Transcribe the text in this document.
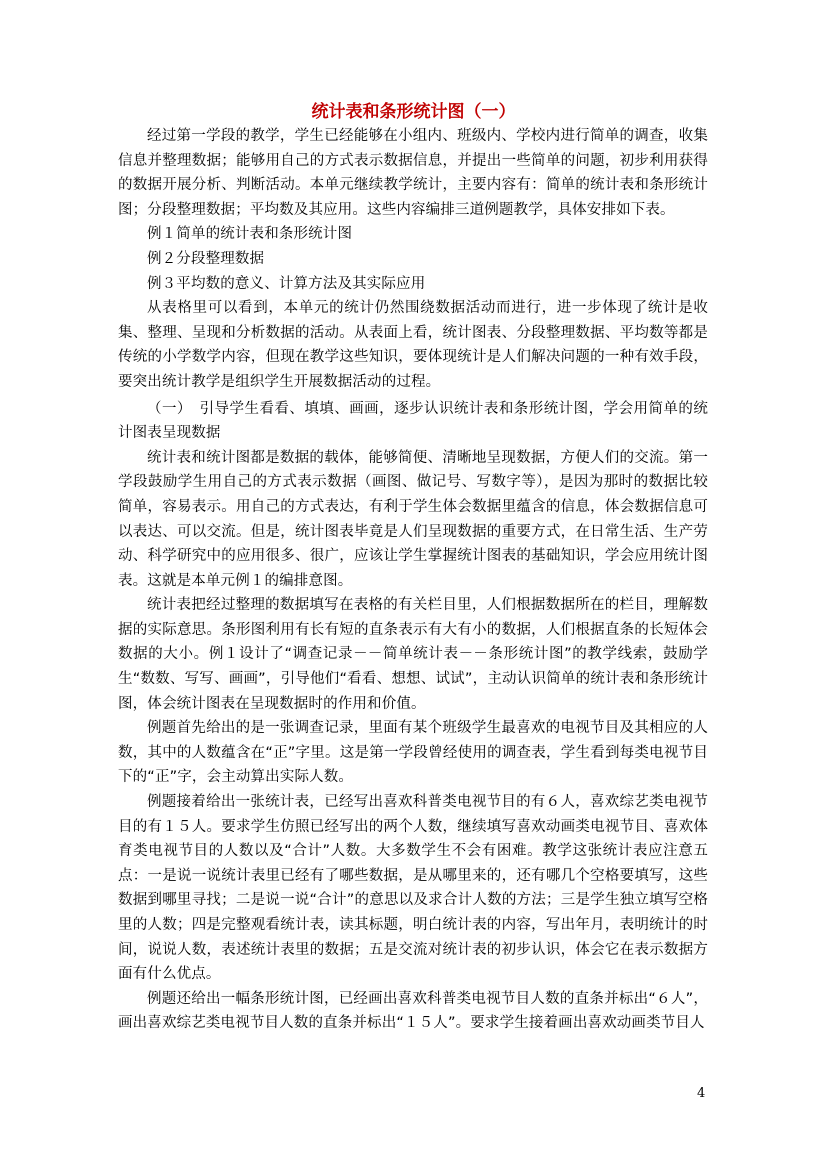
统计表和条形统计图（一）

经过第一学段的教学，学生已经能够在小组内、班级内、学校内进行简单的调查，收集信息并整理数据；能够用自己的方式表示数据信息，并提出一些简单的问题，初步利用获得的数据开展分析、判断活动。本单元继续教学统计，主要内容有：简单的统计表和条形统计图；分段整理数据；平均数及其应用。这些内容编排三道例题教学，具体安排如下表。

例１简单的统计表和条形统计图

例２分段整理数据

例３平均数的意义、计算方法及其实际应用

从表格里可以看到，本单元的统计仍然围绕数据活动而进行，进一步体现了统计是收集、整理、呈现和分析数据的活动。从表面上看，统计图表、分段整理数据、平均数等都是传统的小学数学内容，但现在教学这些知识，要体现统计是人们解决问题的一种有效手段，要突出统计教学是组织学生开展数据活动的过程。

（一）　引导学生看看、填填、画画，逐步认识统计表和条形统计图，学会用简单的统计图表呈现数据

统计表和统计图都是数据的载体，能够简便、清晰地呈现数据，方便人们的交流。第一学段鼓励学生用自己的方式表示数据（画图、做记号、写数字等），是因为那时的数据比较简单，容易表示。用自己的方式表达，有利于学生体会数据里蕴含的信息，体会数据信息可以表达、可以交流。但是，统计图表毕竟是人们呈现数据的重要方式，在日常生活、生产劳动、科学研究中的应用很多、很广，应该让学生掌握统计图表的基础知识，学会应用统计图表。这就是本单元例１的编排意图。

统计表把经过整理的数据填写在表格的有关栏目里，人们根据数据所在的栏目，理解数据的实际意思。条形图利用有长有短的直条表示有大有小的数据，人们根据直条的长短体会数据的大小。例１设计了“调查记录－－简单统计表－－条形统计图”的教学线索，鼓励学生“数数、写写、画画”，引导他们“看看、想想、试试”，主动认识简单的统计表和条形统计图，体会统计图表在呈现数据时的作用和价值。

例题首先给出的是一张调查记录，里面有某个班级学生最喜欢的电视节目及其相应的人数，其中的人数蕴含在“正”字里。这是第一学段曾经使用的调查表，学生看到每类电视节目下的“正”字，会主动算出实际人数。

例题接着给出一张统计表，已经写出喜欢科普类电视节目的有６人，喜欢综艺类电视节目的有１５人。要求学生仿照已经写出的两个人数，继续填写喜欢动画类电视节目、喜欢体育类电视节目的人数以及“合计”人数。大多数学生不会有困难。教学这张统计表应注意五点：一是说一说统计表里已经有了哪些数据，是从哪里来的，还有哪几个空格要填写，这些数据到哪里寻找；二是说一说“合计”的意思以及求合计人数的方法；三是学生独立填写空格里的人数；四是完整观看统计表，读其标题，明白统计表的内容，写出年月，表明统计的时间，说说人数，表述统计表里的数据；五是交流对统计表的初步认识，体会它在表示数据方面有什么优点。

例题还给出一幅条形统计图，已经画出喜欢科普类电视节目人数的直条并标出“６人”，画出喜欢综艺类电视节目人数的直条并标出“１５人”。要求学生接着画出喜欢动画类节目人

4
